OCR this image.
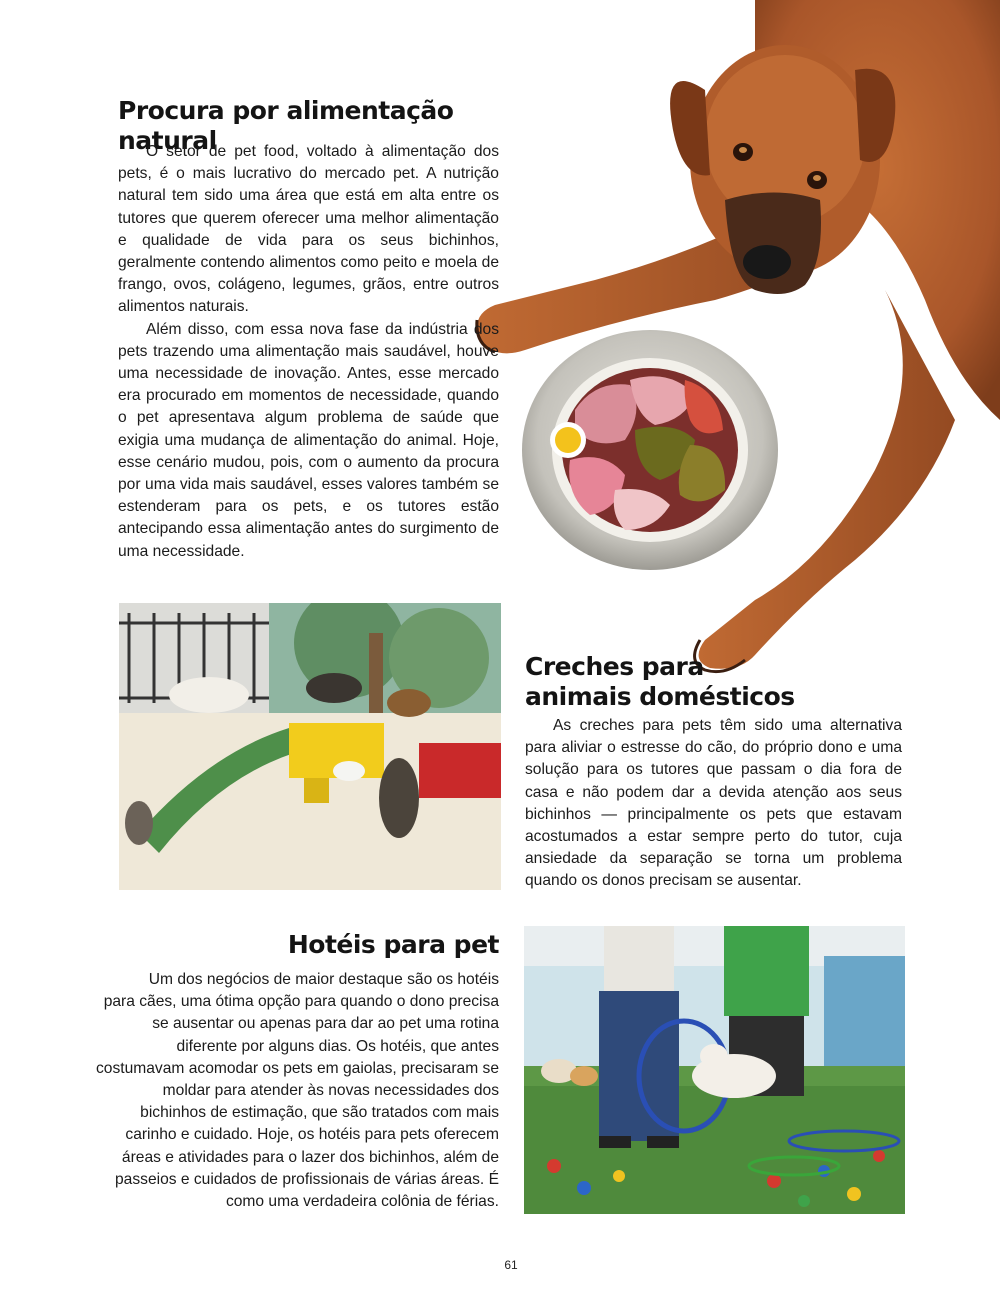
Procura por alimentação natural

O setor de pet food, voltado à alimentação dos pets, é o mais lucrativo do mercado pet. A nutrição natural tem sido uma área que está em alta entre os tutores que querem oferecer uma melhor alimentação e qualidade de vida para os seus bichinhos, geralmente contendo alimentos como peito e moela de frango, ovos, colágeno, legumes, grãos, entre outros alimentos naturais.

Além disso, com essa nova fase da indústria dos pets trazendo uma alimentação mais saudável, houve uma necessidade de inovação. Antes, esse mercado era procurado em momentos de necessidade, quando o pet apresentava algum problema de saúde que exigia uma mudança de alimentação do animal. Hoje, esse cenário mudou, pois, com o aumento da procura por uma vida mais saudável, esses valores também se estenderam para os pets, e os tutores estão antecipando essa alimentação antes do surgimento de uma necessidade.

Creches para
animais domésticos

As creches para pets têm sido uma alternativa para aliviar o estresse do cão, do próprio dono e uma solução para os tutores que passam o dia fora de casa e não podem dar a devida atenção aos seus bichinhos — principalmente os pets que estavam acostumados a estar sempre perto do tutor, cuja ansiedade da separação se torna um problema quando os donos precisam se ausentar.

Hotéis para pet

Um dos negócios de maior destaque são os hotéis para cães, uma ótima opção para quando o dono precisa se ausentar ou apenas para dar ao pet uma rotina diferente por alguns dias. Os hotéis, que antes costumavam acomodar os pets em gaiolas, precisaram se moldar para atender às novas necessidades dos bichinhos de estimação, que são tratados com mais carinho e cuidado. Hoje, os hotéis para pets oferecem áreas e atividades para o lazer dos bichinhos, além de passeios e cuidados de profissionais de várias áreas. É como uma verdadeira colônia de férias.

61
